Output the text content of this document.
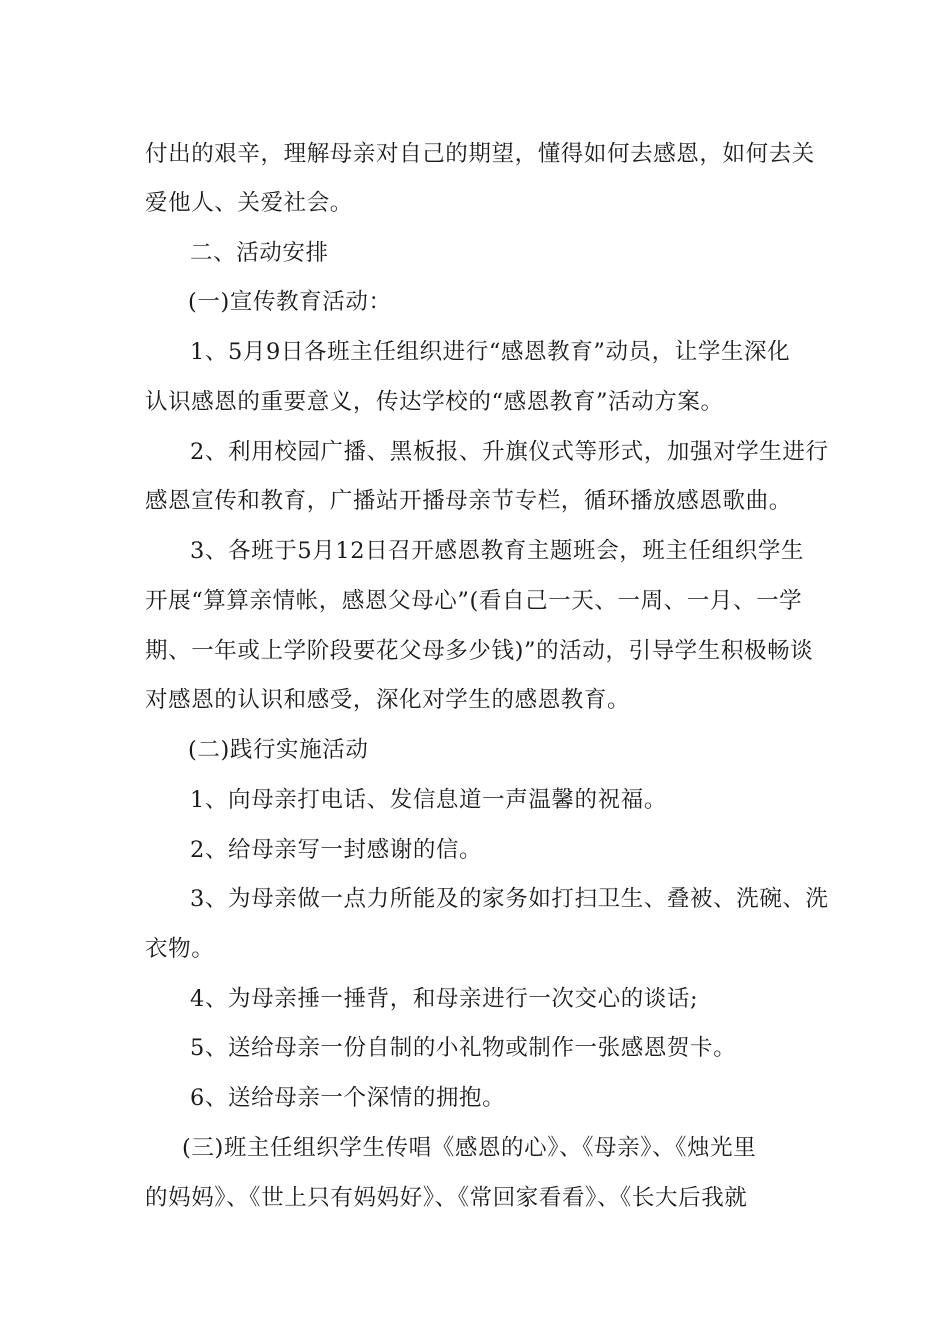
付出的艰辛，理解母亲对自己的期望，懂得如何去感恩，如何去关
爱他人、关爱社会。
二、活动安排
(一)宣传教育活动：
1、5月9日各班主任组织进行“感恩教育”动员，让学生深化
认识感恩的重要意义，传达学校的“感恩教育”活动方案。
2、利用校园广播、黑板报、升旗仪式等形式，加强对学生进行
感恩宣传和教育，广播站开播母亲节专栏，循环播放感恩歌曲。
3、各班于5月12日召开感恩教育主题班会，班主任组织学生
开展“算算亲情帐，感恩父母心”(看自己一天、一周、一月、一学
期、一年或上学阶段要花父母多少钱)”的活动，引导学生积极畅谈
对感恩的认识和感受，深化对学生的感恩教育。
(二)践行实施活动
1、向母亲打电话、发信息道一声温馨的祝福。
2、给母亲写一封感谢的信。
3、为母亲做一点力所能及的家务如打扫卫生、叠被、洗碗、洗
衣物。
4、为母亲捶一捶背，和母亲进行一次交心的谈话;
5、送给母亲一份自制的小礼物或制作一张感恩贺卡。
6、送给母亲一个深情的拥抱。
(三)班主任组织学生传唱《感恩的心》、《母亲》、《烛光里
的妈妈》、《世上只有妈妈好》、《常回家看看》、《长大后我就
